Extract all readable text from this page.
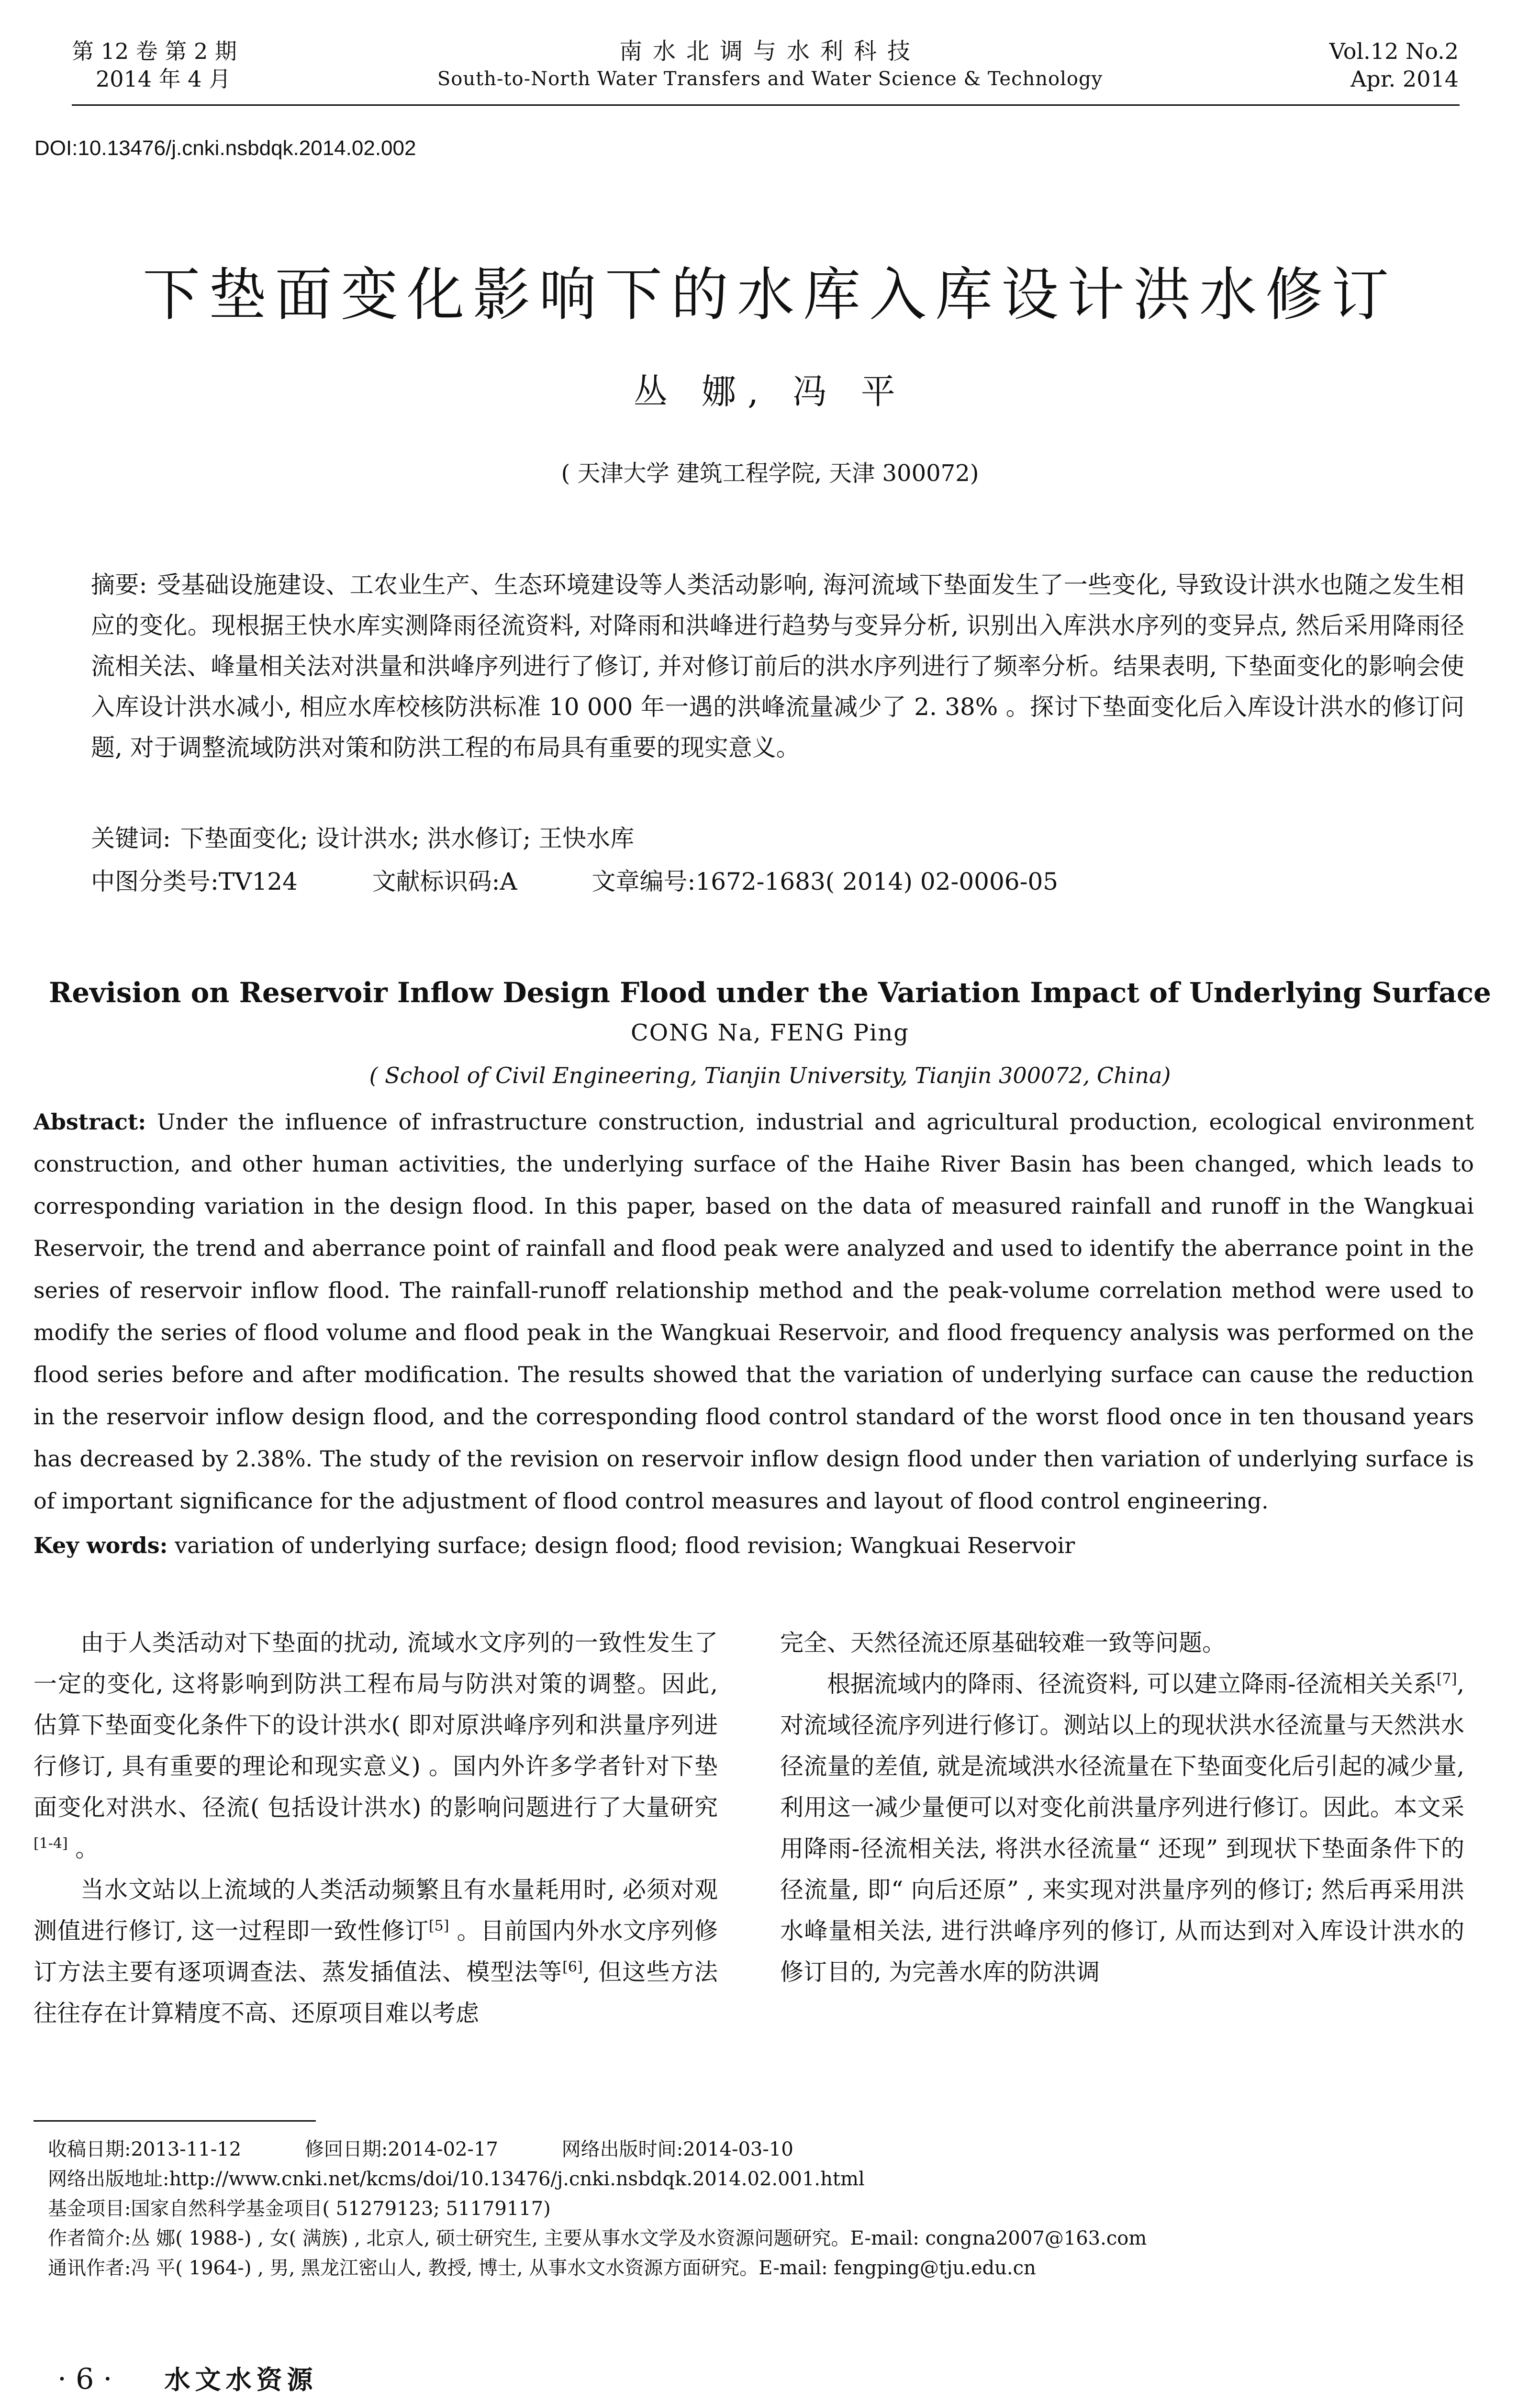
第 12 卷 第 2 期
2014 年 4 月
南水北调与水利科技
South-to-North Water Transfers and Water Science & Technology
Vol.12 No.2
Apr. 2014
DOI:10.13476/j.cnki.nsbdqk.2014.02.002
下垫面变化影响下的水库入库设计洪水修订
丛 娜, 冯 平
( 天津大学 建筑工程学院, 天津 300072)
摘要: 受基础设施建设、工农业生产、生态环境建设等人类活动影响, 海河流域下垫面发生了一些变化, 导致设计洪水也随之发生相应的变化。现根据王快水库实测降雨径流资料, 对降雨和洪峰进行趋势与变异分析, 识别出入库洪水序列的变异点, 然后采用降雨径流相关法、峰量相关法对洪量和洪峰序列进行了修订, 并对修订前后的洪水序列进行了频率分析。结果表明, 下垫面变化的影响会使入库设计洪水减小, 相应水库校核防洪标准 10 000 年一遇的洪峰流量减少了 2. 38% 。探讨下垫面变化后入库设计洪水的修订问题, 对于调整流域防洪对策和防洪工程的布局具有重要的现实意义。
关键词: 下垫面变化; 设计洪水; 洪水修订; 王快水库
中图分类号:TV124	文献标识码:A	文章编号:1672-1683( 2014) 02-0006-05
Revision on Reservoir Inflow Design Flood under the Variation Impact of Underlying Surface
CONG Na, FENG Ping
( School of Civil Engineering, Tianjin University, Tianjin 300072, China)
Abstract: Under the influence of infrastructure construction, industrial and agricultural production, ecological environment construction, and other human activities, the underlying surface of the Haihe River Basin has been changed, which leads to corresponding variation in the design flood. In this paper, based on the data of measured rainfall and runoff in the Wangkuai Reservoir, the trend and aberrance point of rainfall and flood peak were analyzed and used to identify the aberrance point in the series of reservoir inflow flood. The rainfall-runoff relationship method and the peak-volume correlation method were used to modify the series of flood volume and flood peak in the Wangkuai Reservoir, and flood frequency analysis was performed on the flood series before and after modification. The results showed that the variation of underlying surface can cause the reduction in the reservoir inflow design flood, and the corresponding flood control standard of the worst flood once in ten thousand years has decreased by 2.38%. The study of the revision on reservoir inflow design flood under then variation of underlying surface is of important significance for the adjustment of flood control measures and layout of flood control engineering.
Key words: variation of underlying surface; design flood; flood revision; Wangkuai Reservoir

由于人类活动对下垫面的扰动, 流域水文序列的一致性发生了一定的变化, 这将影响到防洪工程布局与防洪对策的调整。因此, 估算下垫面变化条件下的设计洪水( 即对原洪峰序列和洪量序列进行修订, 具有重要的理论和现实意义) 。国内外许多学者针对下垫面变化对洪水、径流( 包括设计洪水) 的影响问题进行了大量研究[1-4] 。

当水文站以上流域的人类活动频繁且有水量耗用时, 必须对观测值进行修订, 这一过程即一致性修订[5] 。目前国内外水文序列修订方法主要有逐项调查法、蒸发插值法、模型法等[6], 但这些方法往往存在计算精度不高、还原项目难以考虑

完全、天然径流还原基础较难一致等问题。

根据流域内的降雨、径流资料, 可以建立降雨-径流相关关系[7], 对流域径流序列进行修订。测站以上的现状洪水径流量与天然洪水径流量的差值, 就是流域洪水径流量在下垫面变化后引起的减少量, 利用这一减少量便可以对变化前洪量序列进行修订。因此。本文采用降雨-径流相关法, 将洪水径流量“ 还现” 到现状下垫面条件下的径流量, 即“ 向后还原” , 来实现对洪量序列的修订; 然后再采用洪水峰量相关法, 进行洪峰序列的修订, 从而达到对入库设计洪水的修订目的, 为完善水库的防洪调

收稿日期:2013-11-12	修回日期:2014-02-17	网络出版时间:2014-03-10
网络出版地址:http://www.cnki.net/kcms/doi/10.13476/j.cnki.nsbdqk.2014.02.001.html
基金项目:国家自然科学基金项目( 51279123; 51179117)
作者简介:丛 娜( 1988-) , 女( 满族) , 北京人, 硕士研究生, 主要从事水文学及水资源问题研究。E-mail: congna2007@163.com
通讯作者:冯 平( 1964-) , 男, 黑龙江密山人, 教授, 博士, 从事水文水资源方面研究。E-mail: fengping@tju.edu.cn
· 6 · 水文水资源
